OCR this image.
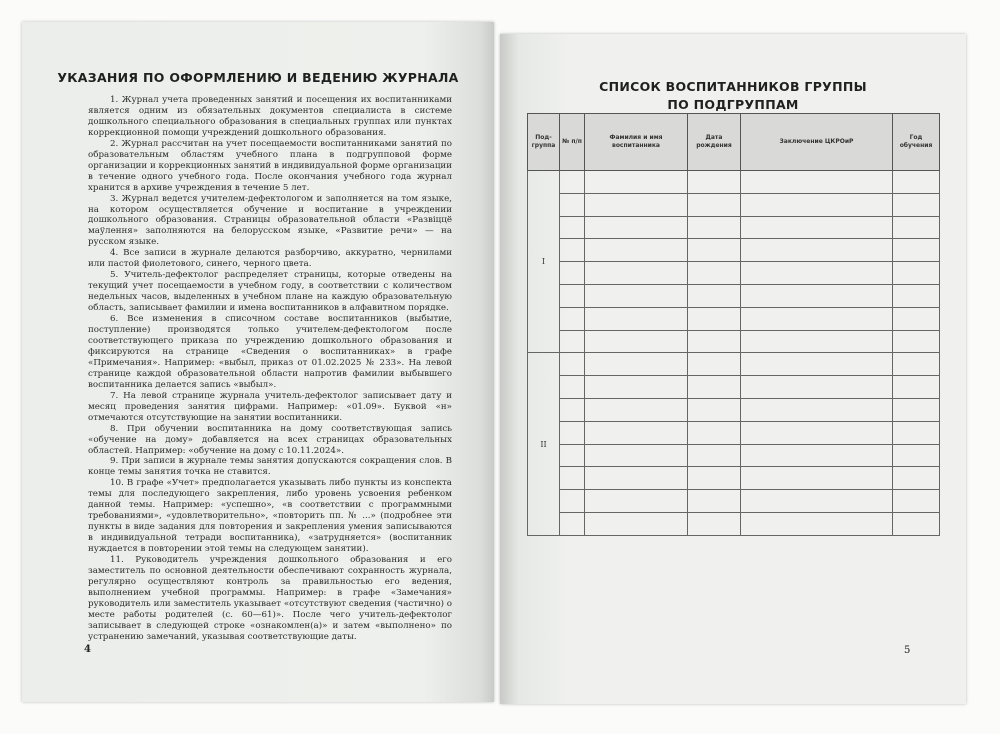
УКАЗАНИЯ ПО ОФОРМЛЕНИЮ И ВЕДЕНИЮ ЖУРНАЛА

1. Журнал учета проведенных занятий и посещения их воспитанниками является одним из обязательных документов специалиста в системе дошкольного специального образования в специальных группах или пунктах коррекционной помощи учреждений дошкольного образования.

2. Журнал рассчитан на учет посещаемости воспитанниками занятий по образовательным областям учебного плана в подгрупповой форме организации и коррекционных занятий в индивидуальной форме организации в течение одного учебного года. После окончания учебного года журнал хранится в архиве учреждения в течение 5 лет.

3. Журнал ведется учителем-дефектологом и заполняется на том языке, на котором осуществляется обучение и воспитание в учреждении дошкольного образования. Страницы образовательной области «Развіццё маўлення» заполняются на белорусском языке, «Развитие речи» — на русском языке.

4. Все записи в журнале делаются разборчиво, аккуратно, чернилами или пастой фиолетового, синего, черного цвета.

5. Учитель-дефектолог распределяет страницы, которые отведены на текущий учет посещаемости в учебном году, в соответствии с количеством недельных часов, выделенных в учебном плане на каждую образовательную область, записывает фамилии и имена воспитанников в алфавитном порядке.

6. Все изменения в списочном составе воспитанников (выбытие, поступление) производятся только учителем-дефектологом после соответствующего приказа по учреждению дошкольного образования и фиксируются на странице «Сведения о воспитанниках» в графе «Примечания». Например: «выбыл, приказ от 01.02.2025 № 233». На левой странице каждой образовательной области напротив фамилии выбывшего воспитанника делается запись «выбыл».

7. На левой странице журнала учитель-дефектолог записывает дату и месяц проведения занятия цифрами. Например: «01.09». Буквой «н» отмечаются отсутствующие на занятии воспитанники.

8. При обучении воспитанника на дому соответствующая запись «обучение на дому» добавляется на всех страницах образовательных областей. Например: «обучение на дому с 10.11.2024».

9. При записи в журнале темы занятия допускаются сокращения слов. В конце темы занятия точка не ставится.

10. В графе «Учет» предполагается указывать либо пункты из конспекта темы для последующего закрепления, либо уровень усвоения ребенком данной темы. Например: «успешно», «в соответствии с программными требованиями», «удовлетворительно», «повторить пп. № ...» (подробнее эти пункты в виде задания для повторения и закрепления умения записываются в индивидуальной тетради воспитанника), «затрудняется» (воспитанник нуждается в повторении этой темы на следующем занятии).

11. Руководитель учреждения дошкольного образования и его заместитель по основной деятельности обеспечивают сохранность журнала, регулярно осуществляют контроль за правильностью его ведения, выполнением учебной программы. Например: в графе «Замечания» руководитель или заместитель указывает «отсутствуют сведения (частично) о месте работы родителей (с. 60—61)». После чего учитель-дефектолог записывает в следующей строке «ознакомлен(а)» и затем «выполнено» по устранению замечаний, указывая соответствующие даты.

4
СПИСОК ВОСПИТАННИКОВ ГРУППЫ
ПО ПОДГРУППАМ
Под-группа	№ п/п	Фамилия и имя воспитанника	Дата рождения	Заключение ЦКРОиР	Год обучения
I					

II					

5
